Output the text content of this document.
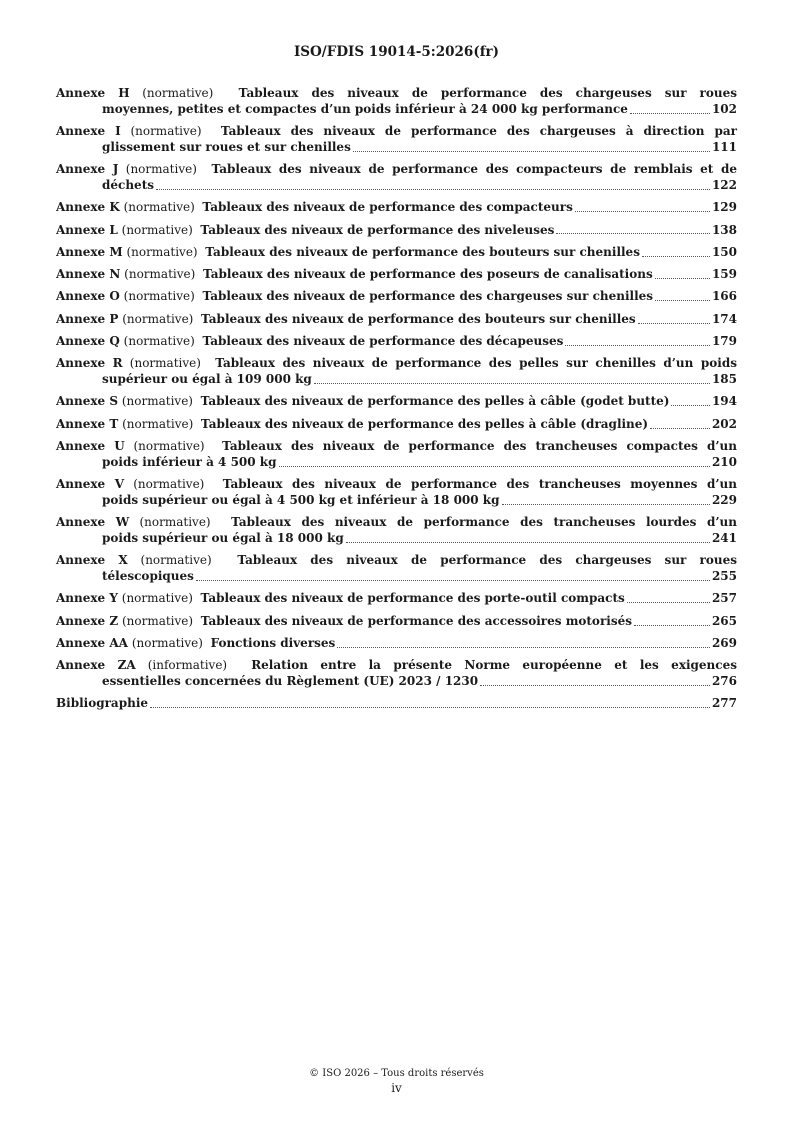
ISO/FDIS 19014-5:2026(fr)
Annexe H (normative) Tableaux des niveaux de performance des chargeuses sur roues
moyennes, petites et compactes d’un poids inférieur à 24 000 kg performance	102
Annexe I (normative) Tableaux des niveaux de performance des chargeuses à direction par
glissement sur roues et sur chenilles	111
Annexe J (normative) Tableaux des niveaux de performance des compacteurs de remblais et de
déchets	122
Annexe K (normative) Tableaux des niveaux de performance des compacteurs	129
Annexe L (normative) Tableaux des niveaux de performance des niveleuses	138
Annexe M (normative) Tableaux des niveaux de performance des bouteurs sur chenilles	150
Annexe N (normative) Tableaux des niveaux de performance des poseurs de canalisations	159
Annexe O (normative) Tableaux des niveaux de performance des chargeuses sur chenilles	166
Annexe P (normative) Tableaux des niveaux de performance des bouteurs sur chenilles	174
Annexe Q (normative) Tableaux des niveaux de performance des décapeuses	179
Annexe R (normative) Tableaux des niveaux de performance des pelles sur chenilles d’un poids
supérieur ou égal à 109 000 kg	185
Annexe S (normative) Tableaux des niveaux de performance des pelles à câble (godet butte)	194
Annexe T (normative) Tableaux des niveaux de performance des pelles à câble (dragline)	202
Annexe U (normative) Tableaux des niveaux de performance des trancheuses compactes d’un
poids inférieur à 4 500 kg	210
Annexe V (normative) Tableaux des niveaux de performance des trancheuses moyennes d’un
poids supérieur ou égal à 4 500 kg et inférieur à 18 000 kg	229
Annexe W (normative) Tableaux des niveaux de performance des trancheuses lourdes d’un
poids supérieur ou égal à 18 000 kg	241
Annexe X (normative) Tableaux des niveaux de performance des chargeuses sur roues
télescopiques	255
Annexe Y (normative) Tableaux des niveaux de performance des porte-outil compacts	257
Annexe Z (normative) Tableaux des niveaux de performance des accessoires motorisés	265
Annexe AA (normative) Fonctions diverses	269
Annexe ZA (informative) Relation entre la présente Norme européenne et les exigences
essentielles concernées du Règlement (UE) 2023 / 1230	276
Bibliographie	277
© ISO 2026 – Tous droits réservés
iv
